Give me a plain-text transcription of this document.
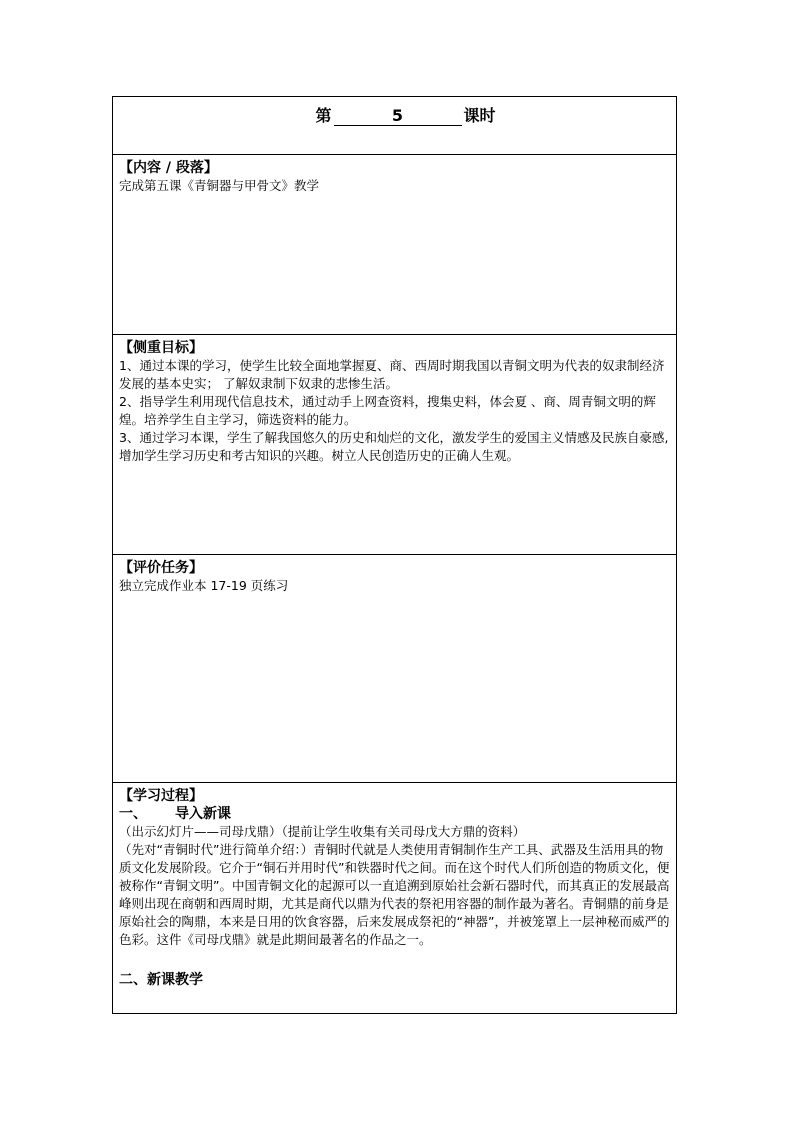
第	5	课时
【内容 / 段落】

完成第五课《青铜器与甲骨文》教学

【侧重目标】

1、通过本课的学习，使学生比较全面地掌握夏、商、西周时期我国以青铜文明为代表的奴隶制经济发展的基本史实； 了解奴隶制下奴隶的悲惨生活。

2、指导学生利用现代信息技术，通过动手上网查资料，搜集史料，体会夏 、商、周青铜文明的辉煌。培养学生自主学习，筛选资料的能力。

3、通过学习本课，学生了解我国悠久的历史和灿烂的文化，激发学生的爱国主义情感及民族自豪感,增加学生学习历史和考古知识的兴趣。树立人民创造历史的正确人生观。

【评价任务】

独立完成作业本 17-19 页练习

【学习过程】
一、 导入新课

（出示幻灯片——司母戊鼎）（提前让学生收集有关司母戊大方鼎的资料）

（先对“青铜时代”进行简单介绍：）青铜时代就是人类使用青铜制作生产工具、武器及生活用具的物质文化发展阶段。它介于“铜石并用时代”和铁器时代之间。而在这个时代人们所创造的物质文化，便被称作“青铜文明”。中国青铜文化的起源可以一直追溯到原始社会新石器时代，而其真正的发展最高峰则出现在商朝和西周时期，尤其是商代以鼎为代表的祭祀用容器的制作最为著名。青铜鼎的前身是原始社会的陶鼎，本来是日用的饮食容器，后来发展成祭祀的“神器”，并被笼罩上一层神秘而威严的色彩。这件《司母戊鼎》就是此期间最著名的作品之一。

二、新课教学
